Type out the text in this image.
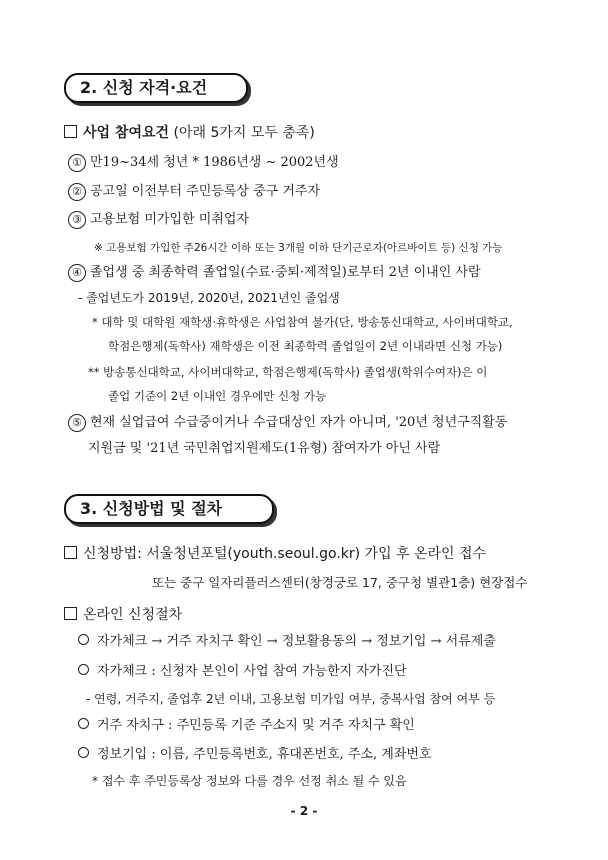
2. 신청 자격·요건
사업 참여요건 (아래 5가지 모두 충족)
① 만19~34세 청년 * 1986년생 ~ 2002년생
② 공고일 이전부터 주민등록상 중구 거주자
③ 고용보험 미가입한 미취업자
※ 고용보험 가입한 주26시간 이하 또는 3개월 이하 단기근로자(아르바이트 등) 신청 가능
④ 졸업생 중 최종학력 졸업일(수료·중퇴·제적일)로부터 2년 이내인 사람
- 졸업년도가 2019년, 2020년, 2021년인 졸업생
* 대학 및 대학원 재학생·휴학생은 사업참여 불가(단, 방송통신대학교, 사이버대학교,
학점은행제(독학사) 재학생은 이전 최종학력 졸업일이 2년 이내라면 신청 가능)
** 방송통신대학교, 사이버대학교, 학점은행제(독학사) 졸업생(학위수여자)은 이
졸업 기준이 2년 이내인 경우에만 신청 가능
⑤ 현재 실업급여 수급중이거나 수급대상인 자가 아니며, '20년 청년구직활동
지원금 및 '21년 국민취업지원제도(1유형) 참여자가 아닌 사람
3. 신청방법 및 절차
신청방법: 서울청년포털(youth.seoul.go.kr) 가입 후 온라인 접수
또는 중구 일자리플러스센터(창경궁로 17, 중구청 별관1층) 현장접수
온라인 신청절차
자가체크 → 거주 자치구 확인 → 정보활용동의 → 정보기입 → 서류제출
자가체크 : 신청자 본인이 사업 참여 가능한지 자가진단
- 연령, 거주지, 졸업후 2년 이내, 고용보험 미가입 여부, 중복사업 참여 여부 등
거주 자치구 : 주민등록 기준 주소지 및 거주 자치구 확인
정보기입 : 이름, 주민등록번호, 휴대폰번호, 주소, 계좌번호
* 접수 후 주민등록상 정보와 다를 경우 선정 취소 될 수 있음
- 2 -
